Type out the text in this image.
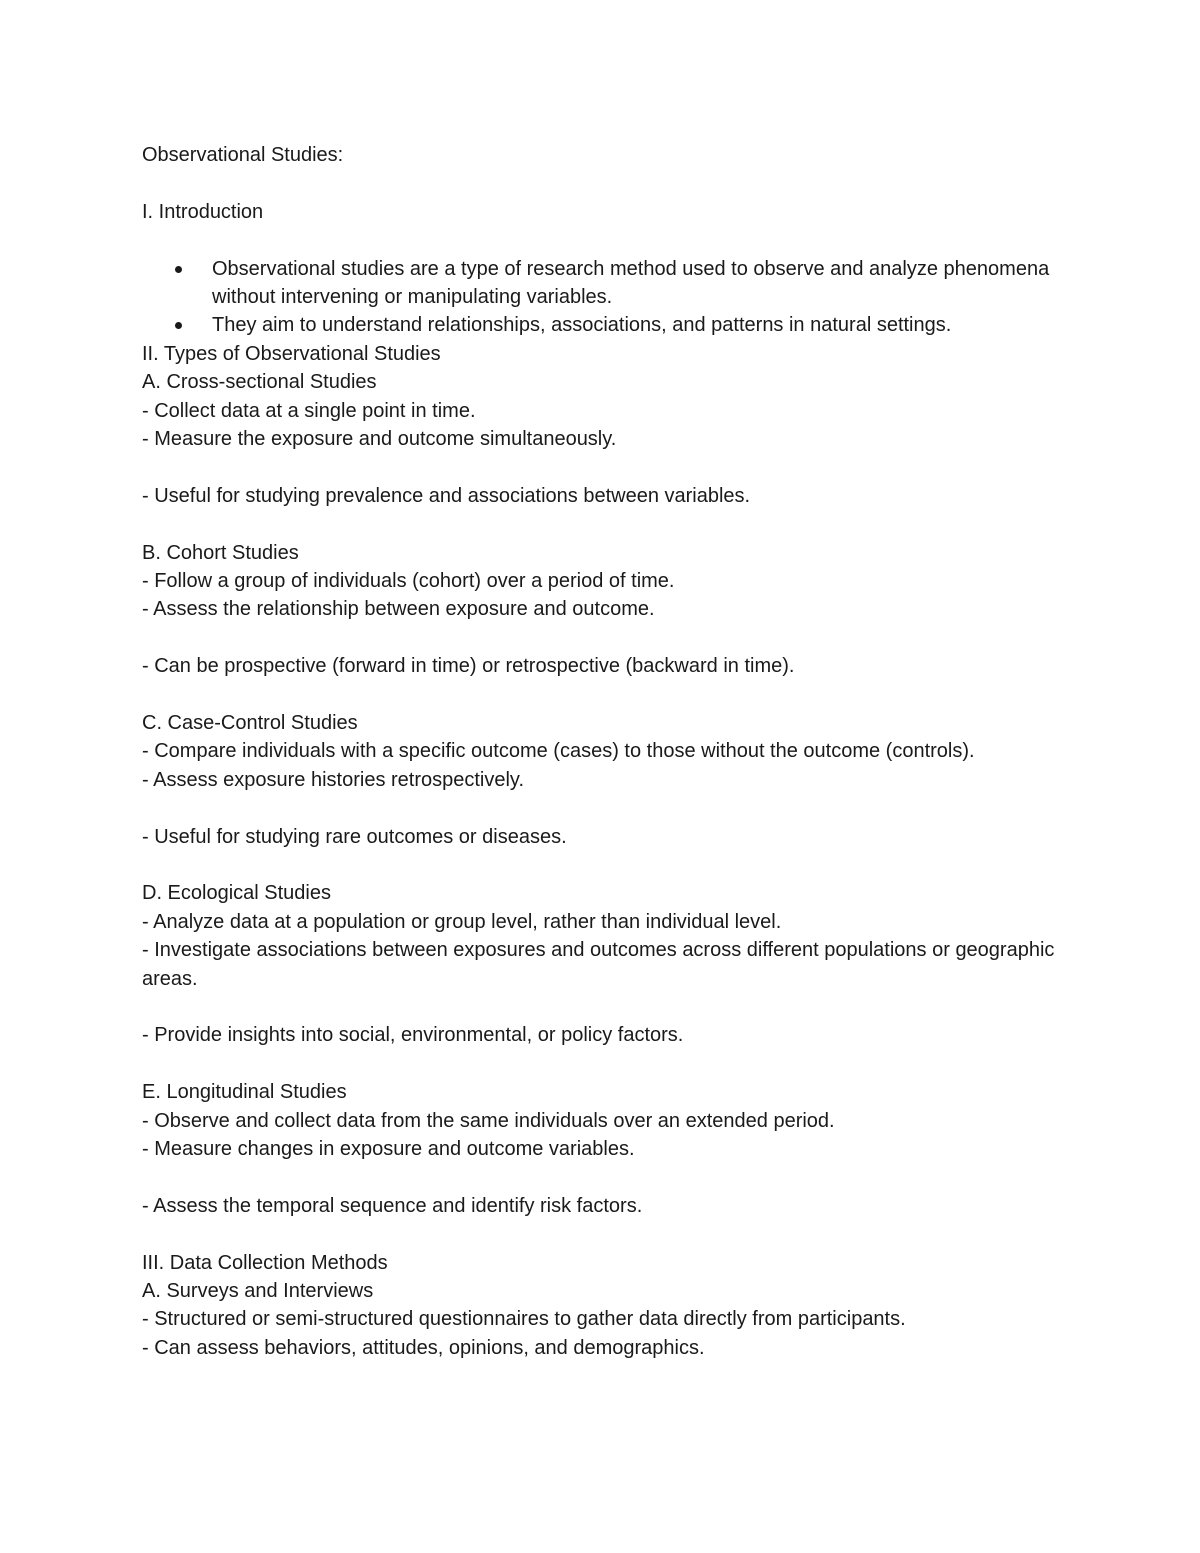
Observational Studies:
I. Introduction
Observational studies are a type of research method used to observe and analyze phenomena without intervening or manipulating variables.
They aim to understand relationships, associations, and patterns in natural settings.
II. Types of Observational Studies
A. Cross-sectional Studies
- Collect data at a single point in time.
- Measure the exposure and outcome simultaneously.
- Useful for studying prevalence and associations between variables.
B. Cohort Studies
- Follow a group of individuals (cohort) over a period of time.
- Assess the relationship between exposure and outcome.
- Can be prospective (forward in time) or retrospective (backward in time).
C. Case-Control Studies
- Compare individuals with a specific outcome (cases) to those without the outcome (controls).
- Assess exposure histories retrospectively.
- Useful for studying rare outcomes or diseases.
D. Ecological Studies
- Analyze data at a population or group level, rather than individual level.
- Investigate associations between exposures and outcomes across different populations or geographic areas.
- Provide insights into social, environmental, or policy factors.
E. Longitudinal Studies
- Observe and collect data from the same individuals over an extended period.
- Measure changes in exposure and outcome variables.
- Assess the temporal sequence and identify risk factors.
III. Data Collection Methods
A. Surveys and Interviews
- Structured or semi-structured questionnaires to gather data directly from participants.
- Can assess behaviors, attitudes, opinions, and demographics.
